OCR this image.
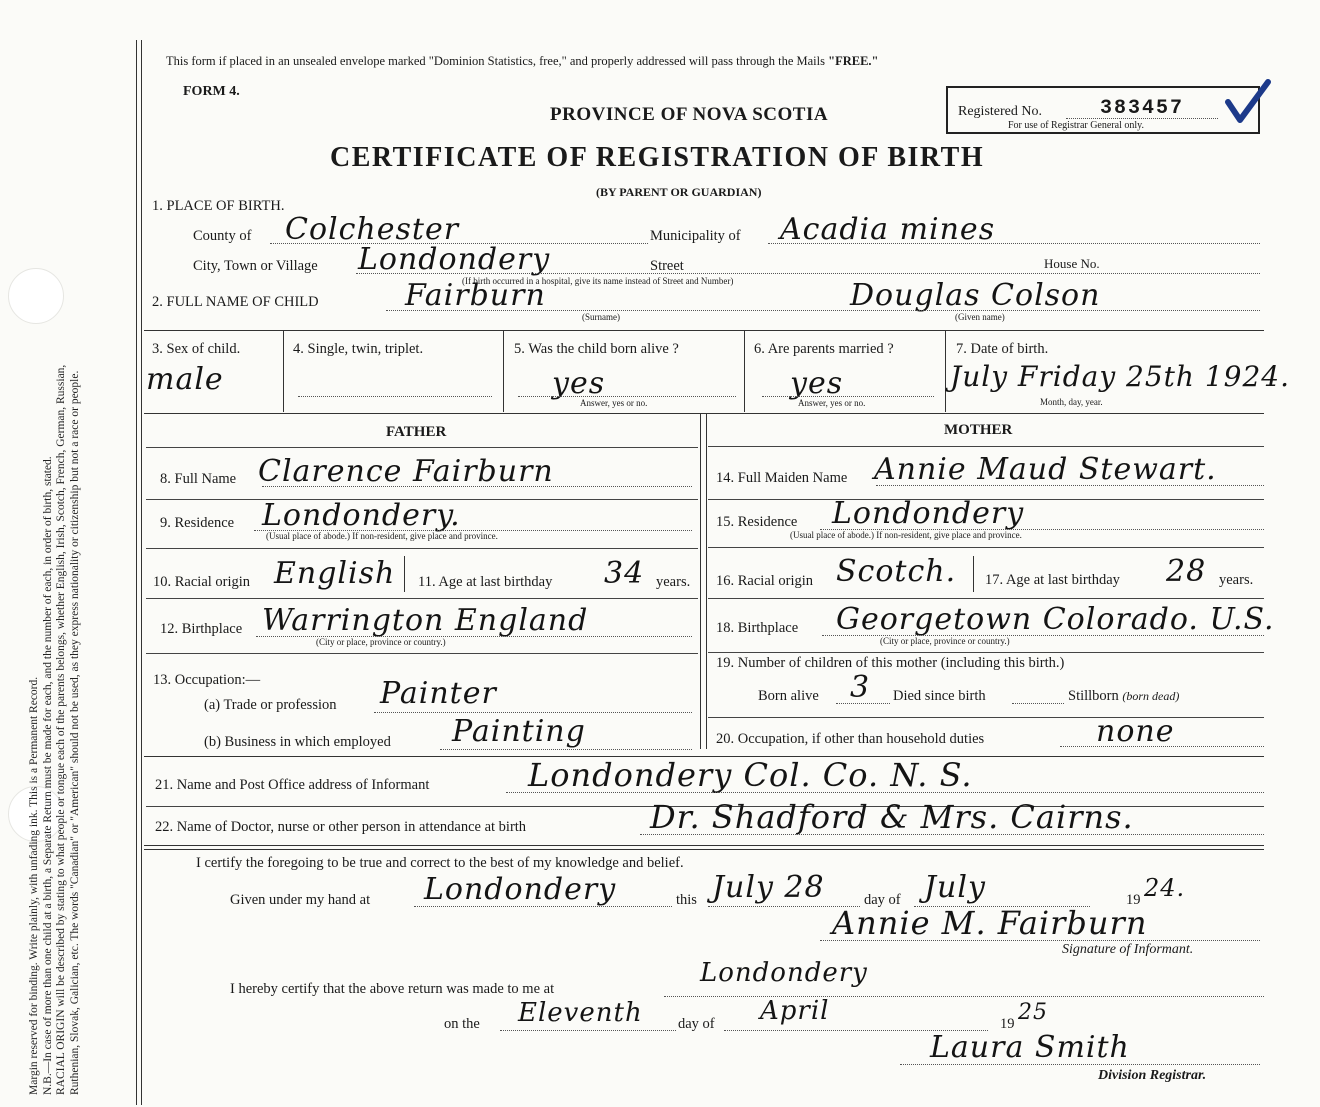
Margin reserved for binding. Write plainly, with unfading ink. This is a Permanent Record. N.B.—In case of more than one child at a birth, a Separate Return must be made for each, and the number of each, in order of birth, stated. RACIAL ORIGIN will be described by stating to what people or tongue each of the parents belongs, whether English, Irish, Scotch, French, German, Russian, Ruthenian, Slovak, Galician, etc. The words "Canadian" or "American" should not be used, as they express nationality or citizenship but not a race or people.
This form if placed in an unsealed envelope marked "Dominion Statistics, free," and properly addressed will pass through the Mails "FREE."
FORM 4.
PROVINCE OF NOVA SCOTIA
CERTIFICATE OF REGISTRATION OF BIRTH
(BY PARENT OR GUARDIAN)
Registered No.	383457
For use of Registrar General only.
1. PLACE OF BIRTH.
County of Colchester	Municipality of Acadia mines
City, Town or Village Londondery	Street	House No.
(If birth occurred in a hospital, give its name instead of Street and Number)
2. FULL NAME OF CHILD	Fairburn	Douglas Colson
(Surname)	(Given name)
3. Sex of child.
male
4. Single, twin, triplet.	5. Was the child born alive ?
yes
Answer, yes or no.
6. Are parents married ?
yes
Answer, yes or no.
7. Date of birth.
July Friday 25th 1924.
Month, day, year.
FATHER	MOTHER
8. Full Name Clarence Fairburn	14. Full Maiden Name Annie Maud Stewart.
9. Residence Londondery.
(Usual place of abode.) If non-resident, give place and province.
15. Residence Londondery
(Usual place of abode.) If non-resident, give place and province.
10. Racial origin English 11. Age at last birthday 34 years. 16. Racial origin Scotch. 17. Age at last birthday 28 years.
12. Birthplace Warrington England
(City or place, province or country.)
18. Birthplace Georgetown Colorado. U.S.
(City or place, province or country.)
13. Occupation:—
(a) Trade or profession Painter
(b) Business in which employed Painting
19. Number of children of this mother (including this birth.)
Born alive 3 Died since birth	Stillborn (born dead)
20. Occupation, if other than household duties	none
21. Name and Post Office address of Informant	Londondery Col. Co. N. S.
22. Name of Doctor, nurse or other person in attendance at birth	Dr. Shadford & Mrs. Cairns.
I certify the foregoing to be true and correct to the best of my knowledge and belief.
Given under my hand at Londondery	this July 28	day of July	19 24.
Annie M. Fairburn
Signature of Informant.
I hereby certify that the above return was made to me at
Londondery
on the Eleventh day of April	19 25
Laura Smith
Division Registrar.
